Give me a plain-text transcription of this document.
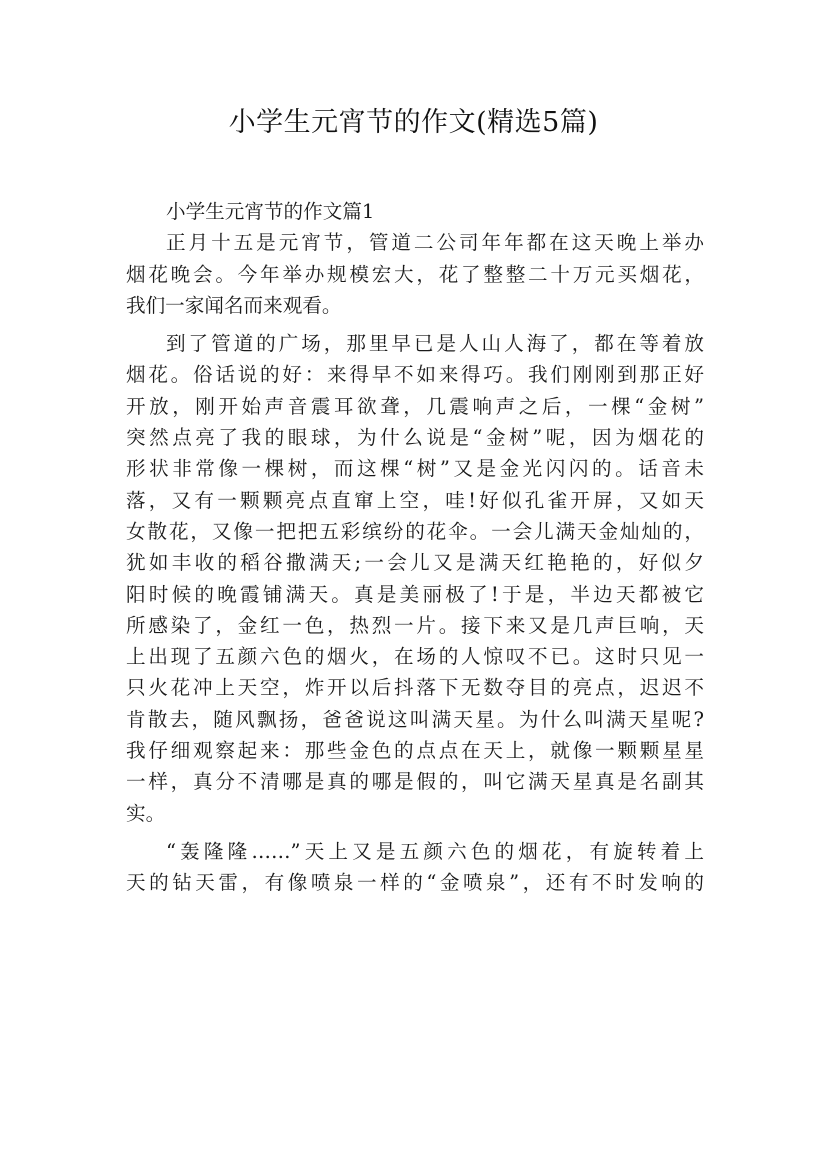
小学生元宵节的作文(精选5篇)
小学生元宵节的作文篇1
正月十五是元宵节，管道二公司年年都在这天晚上举办
烟花晚会。今年举办规模宏大，花了整整二十万元买烟花，
我们一家闻名而来观看。
到了管道的广场，那里早已是人山人海了，都在等着放
烟花。俗话说的好：来得早不如来得巧。我们刚刚到那正好
开放，刚开始声音震耳欲聋，几震响声之后，一棵“金树”
突然点亮了我的眼球，为什么说是“金树”呢，因为烟花的
形状非常像一棵树，而这棵“树”又是金光闪闪的。话音未
落，又有一颗颗亮点直窜上空，哇!好似孔雀开屏，又如天
女散花，又像一把把五彩缤纷的花伞。一会儿满天金灿灿的，
犹如丰收的稻谷撒满天;一会儿又是满天红艳艳的，好似夕
阳时候的晚霞铺满天。真是美丽极了!于是，半边天都被它
所感染了，金红一色，热烈一片。接下来又是几声巨响，天
上出现了五颜六色的烟火，在场的人惊叹不已。这时只见一
只火花冲上天空，炸开以后抖落下无数夺目的亮点，迟迟不
肯散去，随风飘扬，爸爸说这叫满天星。为什么叫满天星呢?
我仔细观察起来：那些金色的点点在天上，就像一颗颗星星
一样，真分不清哪是真的哪是假的，叫它满天星真是名副其
实。
“轰隆隆……”天上又是五颜六色的烟花，有旋转着上
天的钻天雷，有像喷泉一样的“金喷泉”，还有不时发响的
